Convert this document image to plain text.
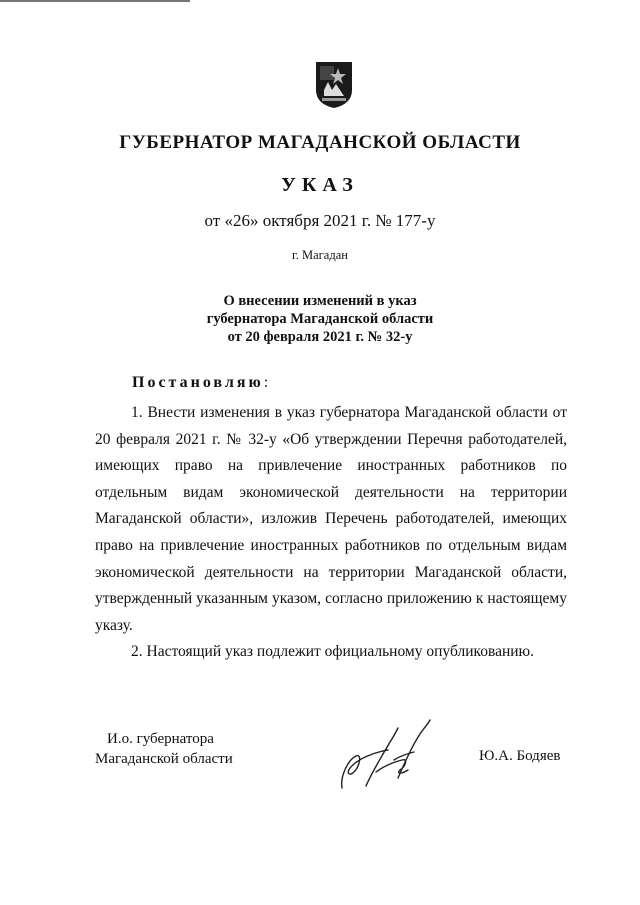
ГУБЕРНАТОР МАГАДАНСКОЙ ОБЛАСТИ
УКАЗ
от «26» октября 2021 г. № 177-у
г. Магадан
О внесении изменений в указ
губернатора Магаданской области
от 20 февраля 2021 г. № 32-у
Постановляю:

1. Внести изменения в указ губернатора Магаданской области от 20 февраля 2021 г. № 32-у «Об утверждении Перечня работодателей, имеющих право на привлечение иностранных работников по отдельным видам экономической деятельности на территории Магаданской области», изложив Перечень работодателей, имеющих право на привлечение иностранных работников по отдельным видам экономической деятельности на территории Магаданской области, утвержденный указанным указом, согласно приложению к настоящему указу.

2. Настоящий указ подлежит официальному опубликованию.

И.о. губернатора
Магаданской области	Ю.А. Бодяев
